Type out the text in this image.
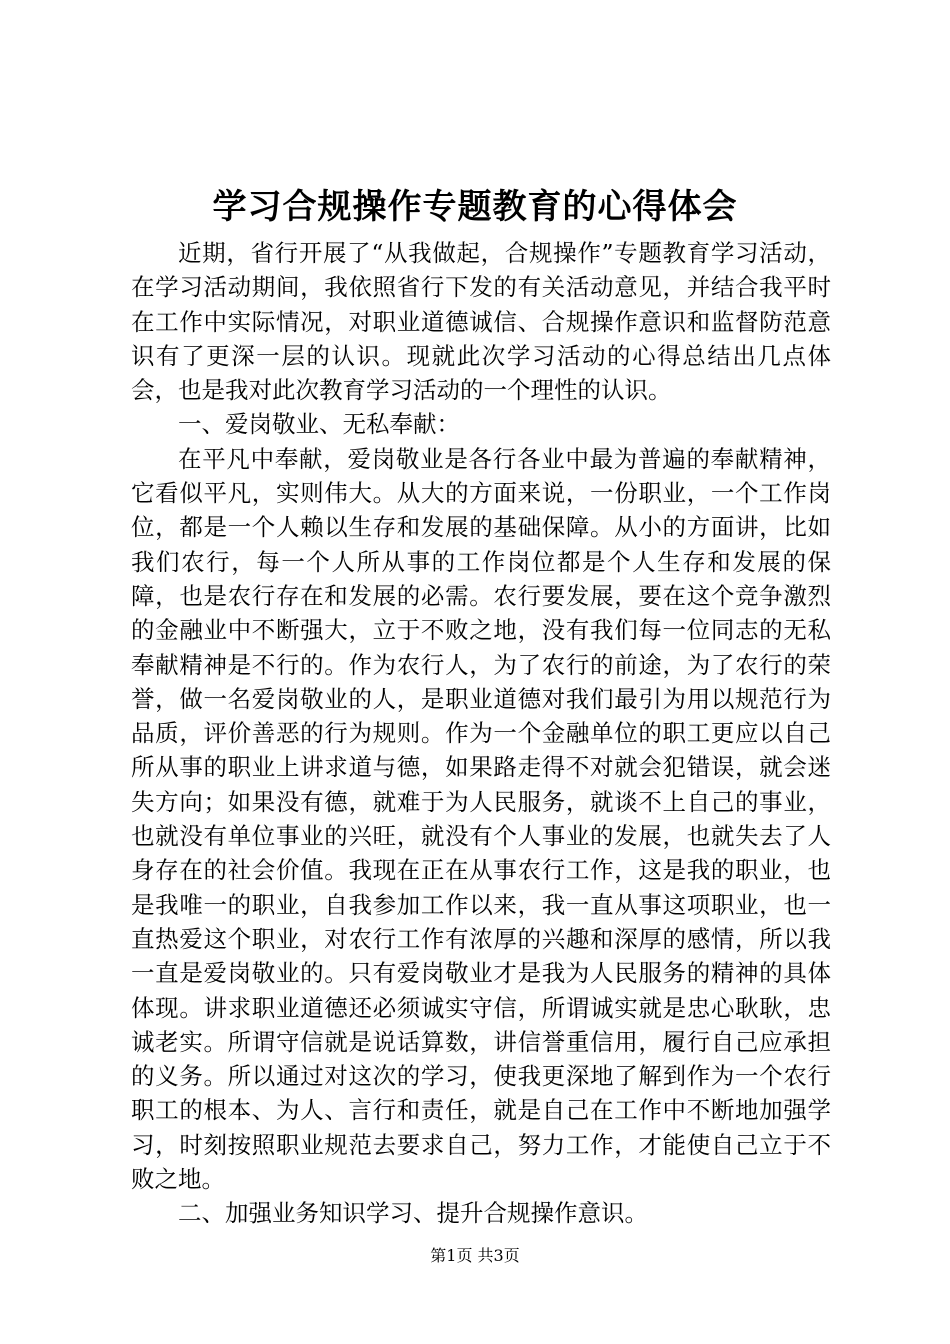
学习合规操作专题教育的心得体会

近期，省行开展了“从我做起，合规操作”专题教育学习活动，在学习活动期间，我依照省行下发的有关活动意见，并结合我平时在工作中实际情况，对职业道德诚信、合规操作意识和监督防范意识有了更深一层的认识。现就此次学习活动的心得总结出几点体会，也是我对此次教育学习活动的一个理性的认识。

一、爱岗敬业、无私奉献：

在平凡中奉献，爱岗敬业是各行各业中最为普遍的奉献精神，它看似平凡，实则伟大。从大的方面来说，一份职业，一个工作岗位，都是一个人赖以生存和发展的基础保障。从小的方面讲，比如我们农行，每一个人所从事的工作岗位都是个人生存和发展的保障，也是农行存在和发展的必需。农行要发展，要在这个竞争激烈的金融业中不断强大，立于不败之地，没有我们每一位同志的无私奉献精神是不行的。作为农行人，为了农行的前途，为了农行的荣誉，做一名爱岗敬业的人，是职业道德对我们最引为用以规范行为品质，评价善恶的行为规则。作为一个金融单位的职工更应以自己所从事的职业上讲求道与德，如果路走得不对就会犯错误，就会迷失方向；如果没有德，就难于为人民服务，就谈不上自己的事业，也就没有单位事业的兴旺，就没有个人事业的发展，也就失去了人身存在的社会价值。我现在正在从事农行工作，这是我的职业，也是我唯一的职业，自我参加工作以来，我一直从事这项职业，也一直热爱这个职业，对农行工作有浓厚的兴趣和深厚的感情，所以我一直是爱岗敬业的。只有爱岗敬业才是我为人民服务的精神的具体体现。讲求职业道德还必须诚实守信，所谓诚实就是忠心耿耿，忠诚老实。所谓守信就是说话算数，讲信誉重信用，履行自己应承担的义务。所以通过对这次的学习，使我更深地了解到作为一个农行职工的根本、为人、言行和责任，就是自己在工作中不断地加强学习，时刻按照职业规范去要求自己，努力工作，才能使自己立于不败之地。

二、加强业务知识学习、提升合规操作意识。

第1页 共3页
